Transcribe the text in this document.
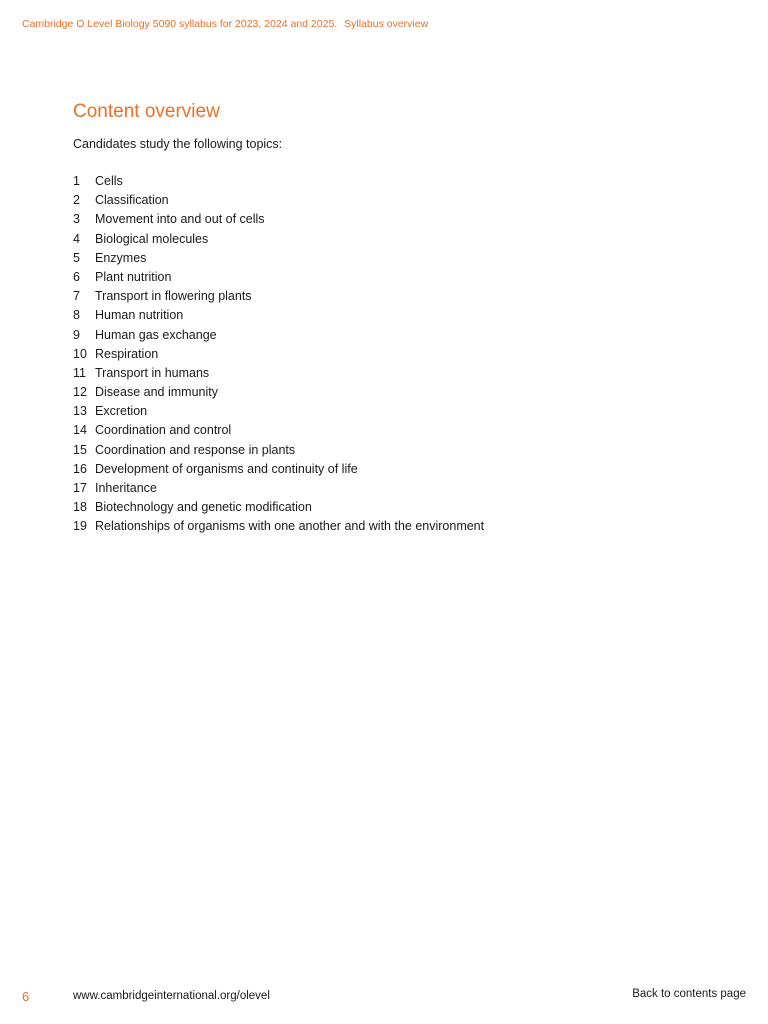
Cambridge O Level Biology 5090 syllabus for 2023, 2024 and 2025. Syllabus overview
Content overview

Candidates study the following topics:

1	Cells
2	Classification
3	Movement into and out of cells
4	Biological molecules
5	Enzymes
6	Plant nutrition
7	Transport in flowering plants
8	Human nutrition
9	Human gas exchange
10 Respiration
11 Transport in humans
12 Disease and immunity
13 Excretion
14 Coordination and control
15 Coordination and response in plants
16 Development of organisms and continuity of life
17 Inheritance
18 Biotechnology and genetic modification
19 Relationships of organisms with one another and with the environment
6	www.cambridgeinternational.org/olevel	Back to contents page
